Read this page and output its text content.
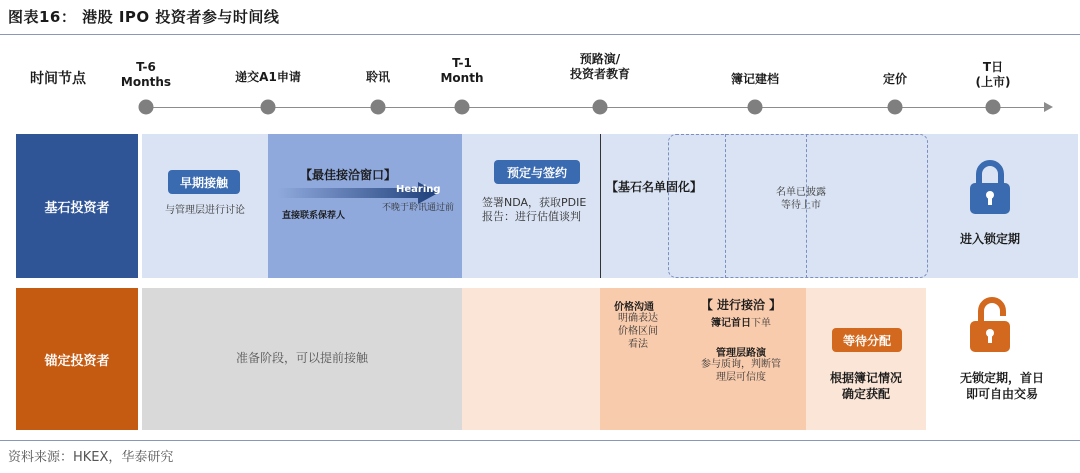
图表16： 港股 IPO 投资者参与时间线
时间节点
T-6
Months	递交A1申请	聆讯
T-1
Month
预路演/
投资者教育	簿记建档	定价
T日
(上市)
基石投资者
早期接触
与管理层进行讨论
【最佳接洽窗口】
Hearing
直接联系保荐人
不晚于聆讯通过前
预定与签约
签署NDA，获取PDIE报告：进行估值谈判
【基石名单固化】	名单已披露
等待上市
进入锁定期
锚定投资者	准备阶段，可以提前接触
价格沟通
明确表达
价格区间
看法
【 进行接洽 】
簿记首日下单
管理层路演
参与质询，判断管
理层可信度
等待分配
根据簿记情况
确定获配
无锁定期，首日
即可自由交易
资料来源：HKEX，华泰研究
